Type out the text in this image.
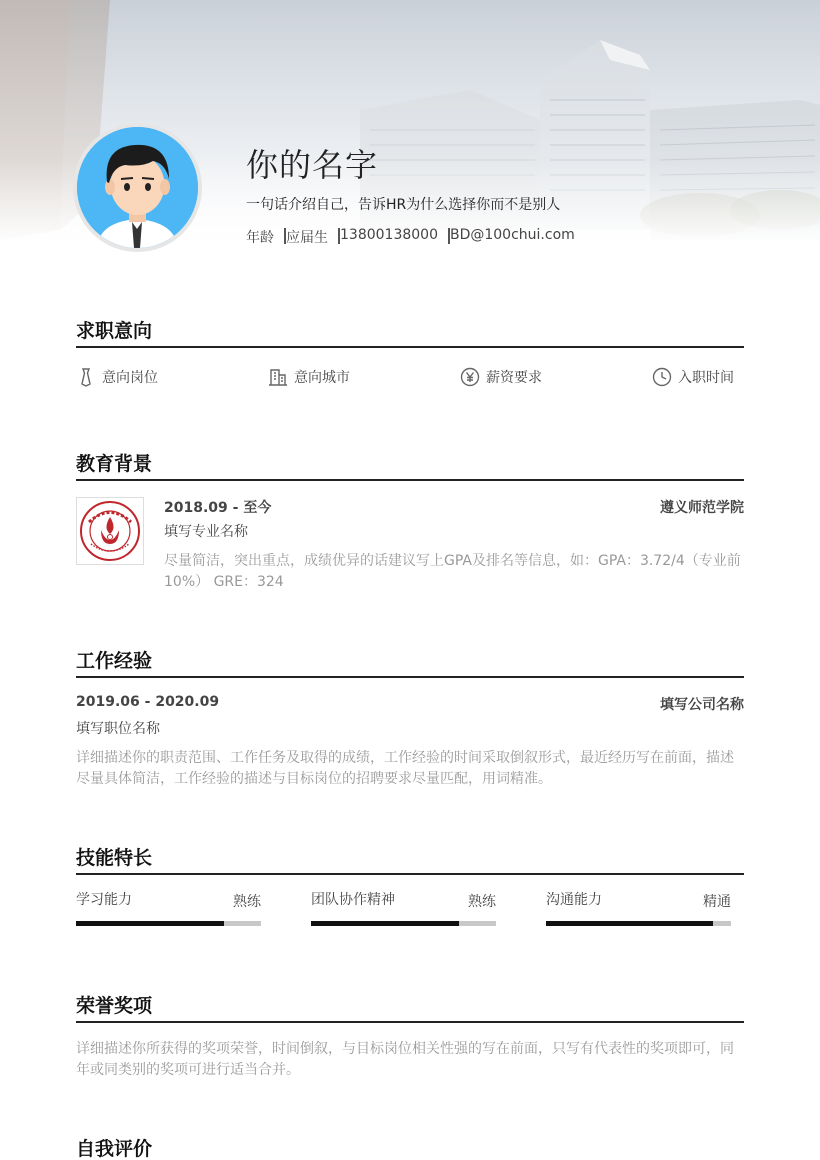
你的名字
一句话介绍自己，告诉HR为什么选择你而不是别人
年龄 应届生 13800138000 BD@100chui.com
求职意向
意向岗位	意向城市	薪资要求	入职时间
教育背景
2018.09 - 至今	遵义师范学院
填写专业名称
尽量简洁，突出重点，成绩优异的话建议写上GPA及排名等信息，如：GPA：3.72/4（专业前10%） GRE：324
工作经验
2019.06 - 2020.09	填写公司名称
填写职位名称
详细描述你的职责范围、工作任务及取得的成绩，工作经验的时间采取倒叙形式，最近经历写在前面，描述尽量具体简洁，工作经验的描述与目标岗位的招聘要求尽量匹配，用词精准。
技能特长
学习能力	熟练	团队协作精神	熟练	沟通能力	精通
荣誉奖项
详细描述你所获得的奖项荣誉，时间倒叙，与目标岗位相关性强的写在前面，只写有代表性的奖项即可，同年或同类别的奖项可进行适当合并。
自我评价
